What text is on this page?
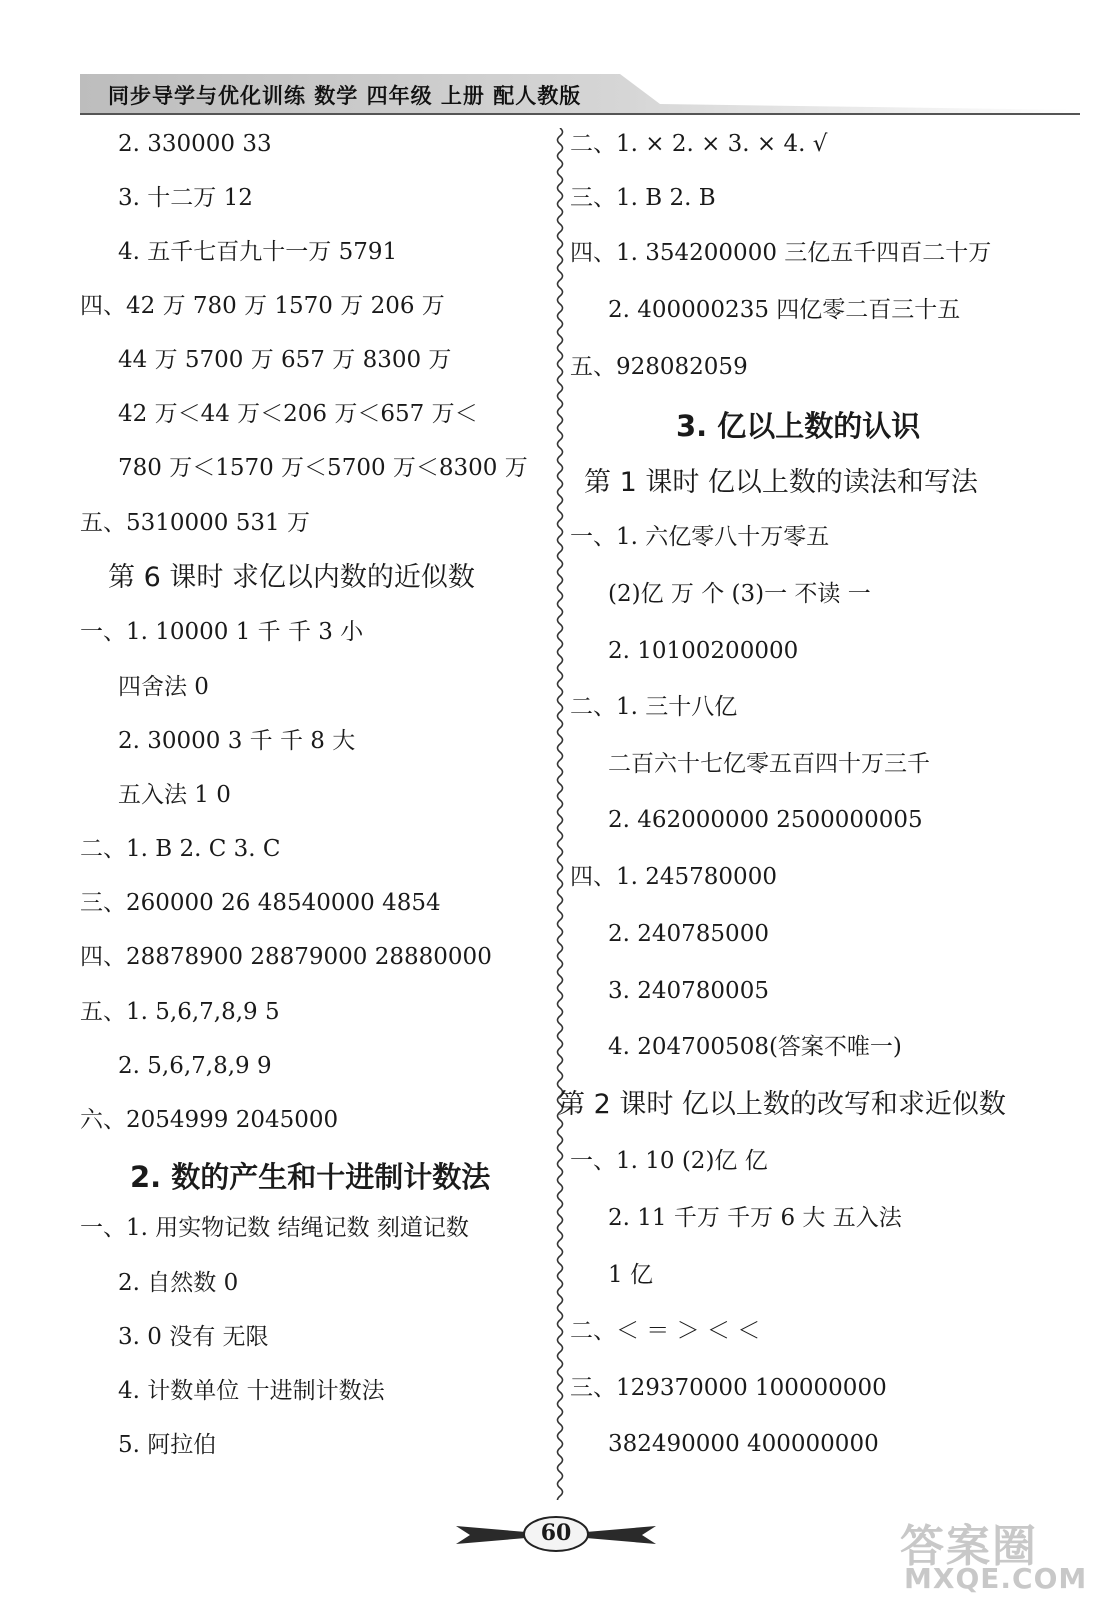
同步导学与优化训练 数学 四年级 上册 配人教版
2. 330000 33
3. 十二万 12
4. 五千七百九十一万 5791
四、42 万 780 万 1570 万 206 万
44 万 5700 万 657 万 8300 万
42 万＜44 万＜206 万＜657 万＜
780 万＜1570 万＜5700 万＜8300 万
五、5310000 531 万
第 6 课时 求亿以内数的近似数
一、1. 10000 1 千 千 3 小
四舍法 0
2. 30000 3 千 千 8 大
五入法 1 0
二、1. B 2. C 3. C
三、260000 26 48540000 4854
四、28878900 28879000 28880000
五、1. 5,6,7,8,9 5
2. 5,6,7,8,9 9
六、2054999 2045000
2. 数的产生和十进制计数法
一、1. 用实物记数 结绳记数 刻道记数
2. 自然数 0
3. 0 没有 无限
4. 计数单位 十进制计数法
5. 阿拉伯
二、1. × 2. × 3. × 4. √
三、1. B 2. B
四、1. 354200000 三亿五千四百二十万
2. 400000235 四亿零二百三十五
五、928082059
3. 亿以上数的认识
第 1 课时 亿以上数的读法和写法
一、1. 六亿零八十万零五
(2)亿 万 个 (3)一 不读 一
2. 10100200000
二、1. 三十八亿
二百六十七亿零五百四十万三千
2. 462000000 2500000005
四、1. 245780000
2. 240785000
3. 240780005
4. 204700508(答案不唯一)
第 2 课时 亿以上数的改写和求近似数
一、1. 10 (2)亿 亿
2. 11 千万 千万 6 大 五入法
1 亿
二、＜ ＝ ＞ ＜ ＜
三、129370000 100000000
382490000 400000000
60	答案圈
MXQE.COM
